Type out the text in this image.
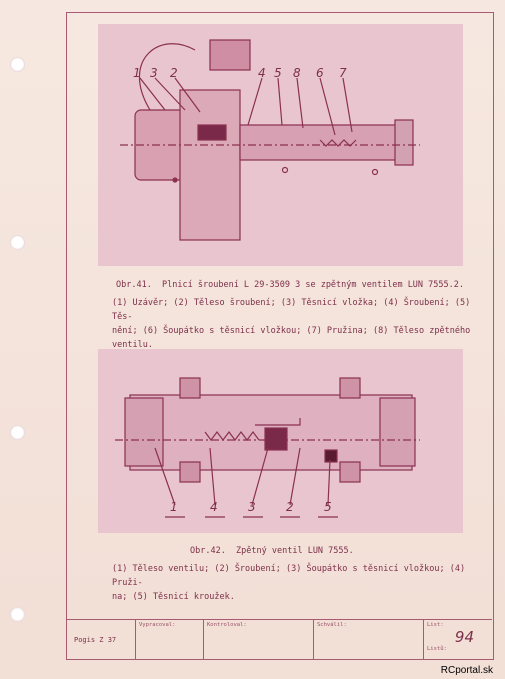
1 3 2	4 5 8 6 7
Obr.41.  Plnicí šroubení L 29-3509 3 se zpětným ventilem LUN 7555.2.
(1) Uzávěr; (2) Těleso šroubení; (3) Těsnicí vložka; (4) Šroubení; (5) Těs-
nění; (6) Šoupátko s těsnicí vložkou; (7) Pružina; (8) Těleso zpětného ventilu.
1	4	3	2	5
Obr.42.  Zpětný ventil LUN 7555.
(1) Těleso ventilu; (2) Šroubení; (3) Šoupátko s těsnicí vložkou; (4) Pruži-
na; (5) Těsnicí kroužek.
Pogis Z 37
Vypracoval:	Kontroloval:	Schválil:	List:
Listů:
94
RCportal.sk
